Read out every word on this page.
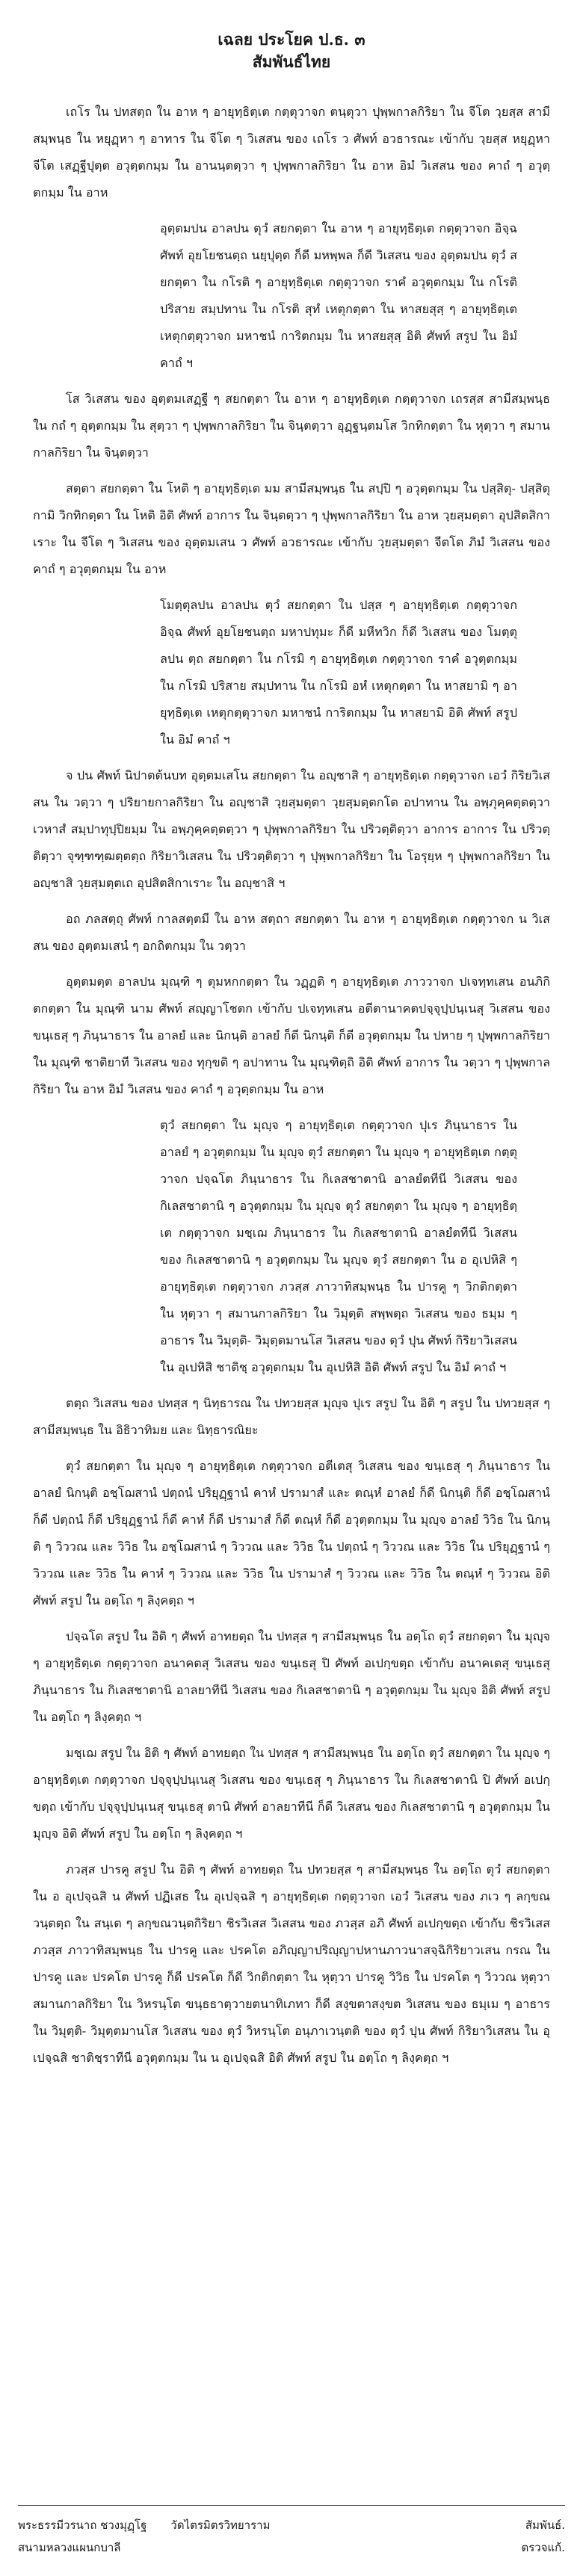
เฉลย ประโยค ป.ธ. ๓
สัมพันธ์ไทย

เถโร ใน ปทสตฺถ ใน อาห ๆ อายุทฺธิตฺเต กตฺตุวาจก ตนฺตุวา ปุพฺพกาลกิริยา ใน จีโต วฺยสฺส สามีสมฺพนฺธ ใน หยุฏฺหา ๆ อาทาร ใน จีโต ๆ วิเสสน ของ เถโร ว ศัพท์ อวธารณะ เข้ากับ วฺยสฺส หยุฏฺหา จีโต เสฏฺฐีปุตฺต อวุตฺตกมฺม ใน อานนฺตตฺวา ๆ ปุพฺพกาลกิริยา ใน อาห อิมํ วิเสสน ของ คาถํ ๆ อวุตฺตกมฺม ใน อาห

อุตฺตมปน อาลปน ตุวํ สยกตฺตา ใน อาห ๆ อายุทฺธิตฺเต กตฺตุวาจก อิจฺฉ ศัพท์ อุยโยชนตฺถ นยฺปุตฺต ก็ดี มหพฺพล ก็ดี วิเสสน ของ อุตฺตมปน ตุวํ สยกตฺตา ใน กโรติ ๆ อายุทฺธิตฺเต กตฺตุวาจก ราคํ อวุตฺตกมฺม ใน กโรติ ปริสาย สมฺปทาน ใน กโรติ สุทํ เหตุกตฺตา ใน หาสยสุสฺ ๆ อายุทฺธิตฺเต เหตุกตฺตุวาจก มหาชนํ การิตกมฺม ใน หาสยสุสฺ อิติ ศัพท์ สรูป ใน อิมํ คาถํ ฯ

โส วิเสสน ของ อุตฺตมเสฏฺฐี ๆ สยกตฺตา ใน อาห ๆ อายุทฺธิตฺเต กตฺตุวาจก เถรสฺส สามีสมฺพนฺธ ใน กถํ ๆ อุตฺตกมฺม ใน สุตฺวา ๆ ปุพฺพกาลกิริยา ใน จินฺตตฺวา อุฏฺฐนฺตมโส วิกทิกตฺตา ใน หุตฺวา ๆ สมานกาลกิริยา ใน จินฺตตฺวา

สตฺตา สยกตฺตา ใน โหติ ๆ อายุทฺธิตฺเต มม สามีสมฺพนฺธ ใน สปฺปิ ๆ อวุตฺตกมฺม ใน ปสฺสิตุ- ปสฺสิตุกามิ วิกทิกตฺตา ใน โหติ อิติ ศัพท์ อาการ ใน จินฺตตฺวา ๆ ปุพฺพกาลกิริยา ใน อาห วฺยสฺมตฺตา อุปสิตสิกาเราะ ใน จีโต ๆ วิเสสน ของ อุตฺตมเสน ว ศัพท์ อวธารณะ เข้ากับ วฺยสฺมตฺตา จีตโต ภิมํ วิเสสน ของ คาถํ ๆ อวุตฺตกมฺม ใน อาห

โมตฺตุลปน อาลปน ตุวํ สยกตฺตา ใน ปสฺส ๆ อายุทฺธิตฺเต กตฺตุวาจก อิจฺฉ ศัพท์ อุยโยชนตฺถ มหาปทุมะ ก็ดี มหีทวิก ก็ดี วิเสสน ของ โมตฺตุลปน ตฺถ สยกตฺตา ใน กโรมิ ๆ อายุทฺธิตฺเต กตฺตุวาจก ราคํ อวุตฺตกมฺม ใน กโรมิ ปริสาย สมฺปทาน ใน กโรมิ อหํ เหตุกตฺตา ใน หาสยามิ ๆ อายุทฺธิตฺเต เหตุกตฺตุวาจก มหาชนํ การิตกมฺม ใน หาสยามิ อิติ ศัพท์ สรูป ใน อิมํ คาถํ ฯ

จ ปน ศัพท์ นิปาตต้นบท อุตฺตมเสโน สยกตฺตา ใน อญฺชาสิ ๆ อายุทฺธิตฺเต กตฺตุวาจก เอวํ กิริยวิเสสน ใน วตฺวา ๆ ปริยายกาลกิริยา ใน อญฺชาสิ วฺยสฺมตฺตา วฺยสฺมตฺตกโต อปาทาน ใน อพฺภุคฺคตฺตตฺวา เวหาสํ สมฺปาทุปฺปิยมฺม ใน อพฺภุคฺคตฺตตฺวา ๆ ปุพฺพกาลกิริยา ใน ปริวตฺติตฺวา อาการ อาการ ใน ปริวตฺติตฺวา จุฑฺฑฑฺฒตฺตตฺถ กิริยาวิเสสน ใน ปริวตฺติตฺวา ๆ ปุพฺพกาลกิริยา ใน โอรุยฺห ๆ ปุพฺพกาลกิริยา ใน อญฺชาสิ วฺยสฺมตฺตเถ อุปสิตสิกาเราะ ใน อญฺชาสิ ฯ

อถ ภลสตฺถุ ศัพท์ กาลสตฺตมี ใน อาห สตฺถา สยกตฺตา ใน อาห ๆ อายุทฺธิตฺเต กตฺตุวาจก น วิเสสน ของ อุตฺตมเสนํ ๆ อกถิตกมฺม ใน วตฺวา

อุตฺตมตฺต อาลปน มุณฺฑิ ๆ ตุมหกกตฺตา ใน วฏฺฏติ ๆ อายุทฺธิตฺเต ภาววาจก ปเจทฺทเสน อนภิกิตกตฺตา ใน มุณฺฑิ นาม ศัพท์ สญฺญาโชตก เข้ากับ ปเจทฺทเสน อตีตานาคตปจฺจุปฺปนฺเนสุ วิเสสน ของ ขนฺเธสุ ๆ ภินฺนาธาร ใน อาลยํ และ นิกนฺติ อาลยํ ก็ดี นิกนฺติ ก็ดี อวุตฺตกมฺม ใน ปหาย ๆ ปุพฺพกาลกิริยา ใน มุณฺฑิ ชาติยาที วิเสสน ของ ทุกฺขติ ๆ อปาทาน ใน มุณฺฑิตฺถิ อิติ ศัพท์ อาการ ใน วตฺวา ๆ ปุพฺพกาลกิริยา ใน อาห อิมํ วิเสสน ของ คาถํ ๆ อวุตฺตกมฺม ใน อาห

ตุวํ สยกตฺตา ใน มุญฺจ ๆ อายุทฺธิตฺเต กตฺตุวาจก ปุเร ภินฺนาธาร ใน อาลยํ ๆ อวุตฺตกมฺม ใน มุญฺจ ตุวํ สยกตฺตา ใน มุญฺจ ๆ อายุทฺธิตฺเต กตฺตุวาจก ปจฺฉโต ภินฺนาธาร ใน กิเลสชาตานิ อาลยํตทีนี วิเสสน ของ กิเลสชาตานิ ๆ อวุตฺตกมฺม ใน มุญฺจ ตุวํ สยกตฺตา ใน มุญฺจ ๆ อายุทฺธิตฺเต กตฺตุวาจก มชฺเฌ ภินฺนาธาร ใน กิเลสชาตานิ อาลยํตทีนี วิเสสน ของ กิเลสชาตานิ ๆ อวุตฺตกมฺม ใน มุญฺจ ตุวํ สยกตฺตา ใน อ อุเปหิสิ ๆ อายุทฺธิตฺเต กตฺตุวาจก ภวสฺส ภาวาทิสมฺพนฺธ ใน ปารคู ๆ วิกติกตฺตา ใน หุตฺวา ๆ สมานกาลกิริยา ใน วิมุตฺติ สพฺพตฺถ วิเสสน ของ ธมฺม ๆ อาธาร ใน วิมุตฺติ- วิมุตฺตมานโส วิเสสน ของ ตุวํ ปุน ศัพท์ กิริยาวิเสสน ใน อุเปหิสิ ชาติชฺ อวุตฺตกมฺม ใน อุเปหิสิ อิติ ศัพท์ สรูป ใน อิมํ คาถํ ฯ

ตตฺถ วิเสสน ของ ปทสฺส ๆ นิทฺธารณ ใน ปทวยสฺส มุญฺจ ปุเร สรูป ใน อิติ ๆ สรูป ใน ปทวยสฺส ๆ สามีสมฺพนฺธ ใน อิธิวาทิมย และ นิทฺธารณิยะ

ตุวํ สยกตฺตา ใน มุญฺจ ๆ อายุทฺธิตฺเต กตฺตุวาจก อตีเตสุ วิเสสน ของ ขนฺเธสุ ๆ ภินฺนาธาร ใน อาลยํ นิกนฺติ อชฺโฌสานํ ปตฺถนํ ปริยุฏฺฐานํ คาหํ ปรามาสํ และ ตณฺหํ อาลยํ ก็ดี นิกนฺติ ก็ดี อชฺโฌสานํ ก็ดี ปตฺถนํ ก็ดี ปริยุฏฺฐานํ ก็ดี คาหํ ก็ดี ปรามาสํ ก็ดี ตณฺหํ ก็ดี อวุตฺตกมฺม ใน มุญฺจ อาลยํ วิวิธ ใน นิกนฺติ ๆ วิววณ และ วิวิธ ใน อชฺโฌสานํ ๆ วิววณ และ วิวิธ ใน ปตฺถนํ ๆ วิววณ และ วิวิธ ใน ปริยุฏฺฐานํ ๆ วิววณ และ วิวิธ ใน คาหํ ๆ วิววณ และ วิวิธ ใน ปรามาสํ ๆ วิววณ และ วิวิธ ใน ตณฺหํ ๆ วิววณ อิติ ศัพท์ สรูป ใน อตฺโถ ๆ ลิงฺคตฺถ ฯ

ปจฺฉโต สรูป ใน อิติ ๆ ศัพท์ อาทยตฺถ ใน ปทสฺส ๆ สามีสมฺพนฺธ ใน อตฺโถ ตุวํ สยกตฺตา ใน มุญฺจ ๆ อายุทฺธิตฺเต กตฺตุวาจก อนาคตสุ วิเสสน ของ ขนฺเธสุ ปิ ศัพท์ อเปกฺขตฺถ เข้ากับ อนาคเตสุ ขนฺเธสุ ภินฺนาธาร ใน กิเลสชาตานิ อาลยาทีนี วิเสสน ของ กิเลสชาตานิ ๆ อวุตฺตกมฺม ใน มุญฺจ อิติ ศัพท์ สรูป ใน อตฺโถ ๆ ลิงฺคตฺถ ฯ

มชฺเฌ สรูป ใน อิติ ๆ ศัพท์ อาทยตฺถ ใน ปทสฺส ๆ สามีสมฺพนฺธ ใน อตฺโถ ตุวํ สยกตฺตา ใน มุญฺจ ๆ อายุทฺธิตฺเต กตฺตุวาจก ปจฺจุปฺปนฺเนสุ วิเสสน ของ ขนฺเธสุ ๆ ภินฺนาธาร ใน กิเลสชาตานิ ปิ ศัพท์ อเปกฺขตฺถ เข้ากับ ปจฺจุปฺปนฺเนสุ ขนฺเธสุ ตานิ ศัพท์ อาลยาทีนี ก็ดี วิเสสน ของ กิเลสชาตานิ ๆ อวุตฺตกมฺม ใน มุญฺจ อิติ ศัพท์ สรูป ใน อตฺโถ ๆ ลิงฺคตฺถ ฯ

ภวสฺส ปารคู สรูป ใน อิติ ๆ ศัพท์ อาทยตฺถ ใน ปทวยสฺส ๆ สามีสมฺพนฺธ ใน อตฺโถ ตุวํ สยกตฺตา ใน อ อุเปจฺฉสิ น ศัพท์ ปฏิเสธ ใน อุเปจฺฉสิ ๆ อายุทฺธิตฺเต กตฺตุวาจก เอวํ วิเสสน ของ ภเว ๆ ลกฺขณวนฺตตฺถ ใน สนฺเต ๆ ลกฺขณวนฺตกิริยา ชิรวิเสส วิเสสน ของ ภวสฺส อภิ ศัพท์ อเปกฺขตฺถ เข้ากับ ชิรวิเสส ภวสฺส ภาวาทิสมฺพนฺธ ใน ปารคู และ ปรคโต อภิญฺญาปริญฺญาปหานภาวนาสจฺฉิกิริยาวเสน กรณ ใน ปารคู และ ปรคโต ปารคู ก็ดี ปรคโต ก็ดี วิกติกตฺตา ใน หุตฺวา ปารคู วิวิธ ใน ปรคโต ๆ วิววณ หุตฺวา สมานกาลกิริยา ใน วิหรนฺโต ขนฺธธาตฺวายตนาทิเภทา ก็ดี สงฺขตาสงฺขต วิเสสน ของ ธมฺเม ๆ อาธาร ใน วิมุตฺติ- วิมุตฺตมานโส วิเสสน ของ ตุวํ วิหรนฺโต อนุภาเวนฺตติ ของ ตุวํ ปุน ศัพท์ กิริยาวิเสสน ใน อุเปจฺฉสิ ชาติชฺราทีนี อวุตฺตกมฺม ใน น อุเปจฺฉสิ อิติ ศัพท์ สรูป ใน อตฺโถ ๆ ลิงฺคตฺถ ฯ

พระธรรมีวรนาถ ชวงมุฏฺโฐ วัดไตรมิตรวิทยาราม	สัมพันธ์.
สนามหลวงแผนกบาลี	ตรวจแก้.
